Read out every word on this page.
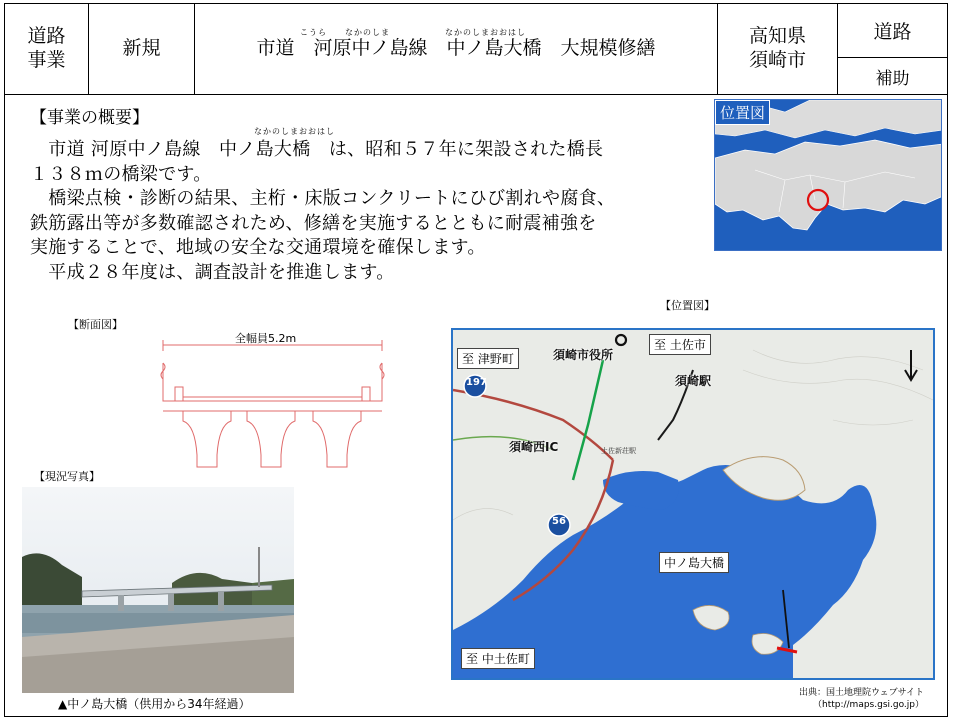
道路
事業
新規
こうら　　なかのしま	なかのしまおおはし
市道　河原中ノ島線　中ノ島大橋　大規模修繕
高知県
須崎市
道路
補助
【事業の概要】
なかのしまおおはし

　市道 河原中ノ島線　中ノ島大橋　は、昭和５７年に架設された橋長

１３８ｍの橋梁です。

　橋梁点検・診断の結果、主桁・床版コンクリートにひび割れや腐食、

鉄筋露出等が多数確認されため、修繕を実施するとともに耐震補強を

実施することで、地域の安全な交通環境を確保します。

　平成２８年度は、調査設計を推進します。

位置図
【断面図】
全幅員5.2m
【現況写真】
▲中ノ島大橋（供用から34年経過）
【位置図】
197
56
至 津野町
至 土佐市
至 中土佐町
中ノ島大橋
須崎市役所
須崎駅
須崎西IC	土佐新荘駅
出典：国土地理院ウェブサイト
（http://maps.gsi.go.jp）
